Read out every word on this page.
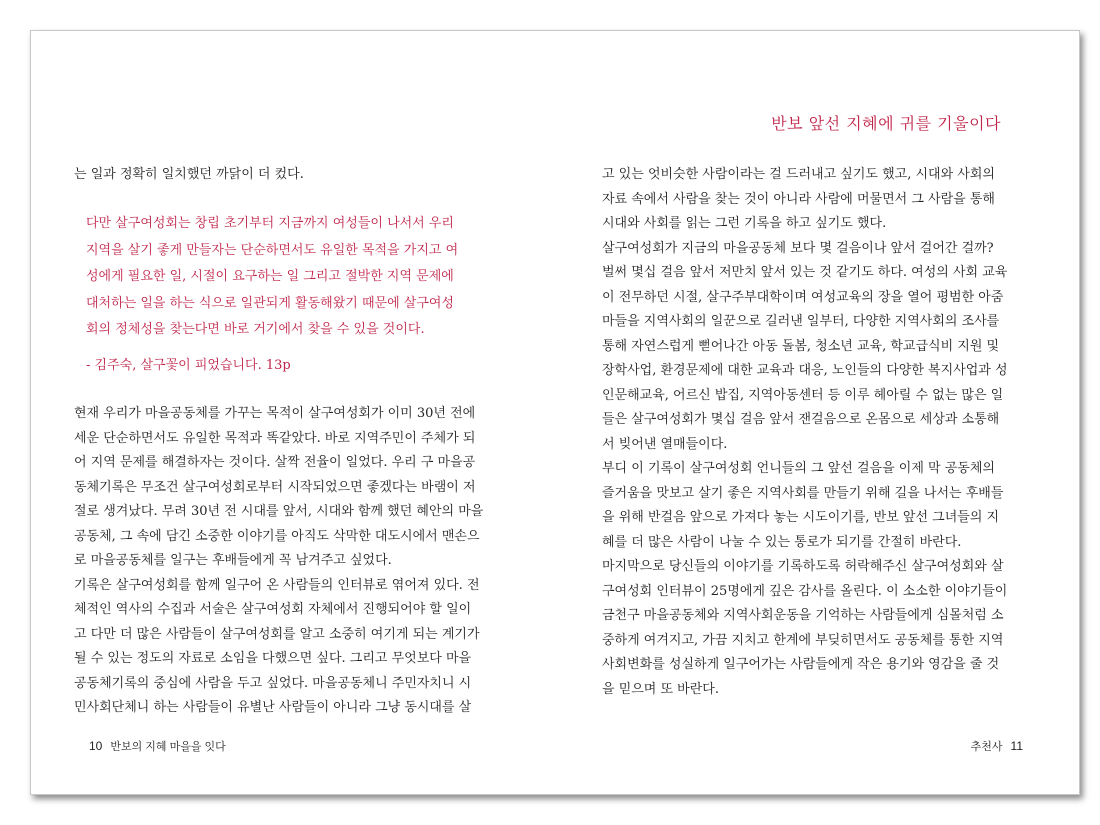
는 일과 정확히 일치했던 까닭이 더 컸다.

다만 살구여성회는 창립 초기부터 지금까지 여성들이 나서서 우리

지역을 살기 좋게 만들자는 단순하면서도 유일한 목적을 가지고 여

성에게 필요한 일, 시절이 요구하는 일 그리고 절박한 지역 문제에

대처하는 일을 하는 식으로 일관되게 활동해왔기 때문에 살구여성

회의 정체성을 찾는다면 바로 거기에서 찾을 수 있을 것이다.

- 김주숙, 살구꽃이 피었습니다. 13p

현재 우리가 마을공동체를 가꾸는 목적이 살구여성회가 이미 30년 전에

세운 단순하면서도 유일한 목적과 똑같았다. 바로 지역주민이 주체가 되

어 지역 문제를 해결하자는 것이다. 살짝 전율이 일었다. 우리 구 마을공

동체기록은 무조건 살구여성회로부터 시작되었으면 좋겠다는 바램이 저

절로 생겨났다. 무려 30년 전 시대를 앞서, 시대와 함께 했던 혜안의 마을

공동체, 그 속에 담긴 소중한 이야기를 아직도 삭막한 대도시에서 맨손으

로 마을공동체를 일구는 후배들에게 꼭 남겨주고 싶었다.

기록은 살구여성회를 함께 일구어 온 사람들의 인터뷰로 엮어져 있다. 전

체적인 역사의 수집과 서술은 살구여성회 자체에서 진행되어야 할 일이

고 다만 더 많은 사람들이 살구여성회를 알고 소중히 여기게 되는 계기가

될 수 있는 정도의 자료로 소임을 다했으면 싶다. 그리고 무엇보다 마을

공동체기록의 중심에 사람을 두고 싶었다. 마을공동체니 주민자치니 시

민사회단체니 하는 사람들이 유별난 사람들이 아니라 그냥 동시대를 살

10 반보의 지혜 마을을 잇다
반보 앞선 지혜에 귀를 기울이다

고 있는 엇비슷한 사람이라는 걸 드러내고 싶기도 했고, 시대와 사회의

자료 속에서 사람을 찾는 것이 아니라 사람에 머물면서 그 사람을 통해

시대와 사회를 읽는 그런 기록을 하고 싶기도 했다.

살구여성회가 지금의 마을공동체 보다 몇 걸음이나 앞서 걸어간 걸까?

벌써 몇십 걸음 앞서 저만치 앞서 있는 것 같기도 하다. 여성의 사회 교육

이 전무하던 시절, 살구주부대학이며 여성교육의 장을 열어 평범한 아줌

마들을 지역사회의 일꾼으로 길러낸 일부터, 다양한 지역사회의 조사를

통해 자연스럽게 뻗어나간 아동 돌봄, 청소년 교육, 학교급식비 지원 및

장학사업, 환경문제에 대한 교육과 대응, 노인들의 다양한 복지사업과 성

인문해교육, 어르신 밥집, 지역아동센터 등 이루 헤아릴 수 없는 많은 일

들은 살구여성회가 몇십 걸음 앞서 잰걸음으로 온몸으로 세상과 소통해

서 빚어낸 열매들이다.

부디 이 기록이 살구여성회 언니들의 그 앞선 걸음을 이제 막 공동체의

즐거움을 맛보고 살기 좋은 지역사회를 만들기 위해 길을 나서는 후배들

을 위해 반걸음 앞으로 가져다 놓는 시도이기를, 반보 앞선 그녀들의 지

혜를 더 많은 사람이 나눌 수 있는 통로가 되기를 간절히 바란다.

마지막으로 당신들의 이야기를 기록하도록 허락해주신 살구여성회와 살

구여성회 인터뷰이 25명에게 깊은 감사를 올린다. 이 소소한 이야기들이

금천구 마을공동체와 지역사회운동을 기억하는 사람들에게 심몰처럼 소

중하게 여겨지고, 가끔 지치고 한계에 부딪히면서도 공동체를 통한 지역

사회변화를 성실하게 일구어가는 사람들에게 작은 용기와 영감을 줄 것

을 믿으며 또 바란다.

추천사 11
